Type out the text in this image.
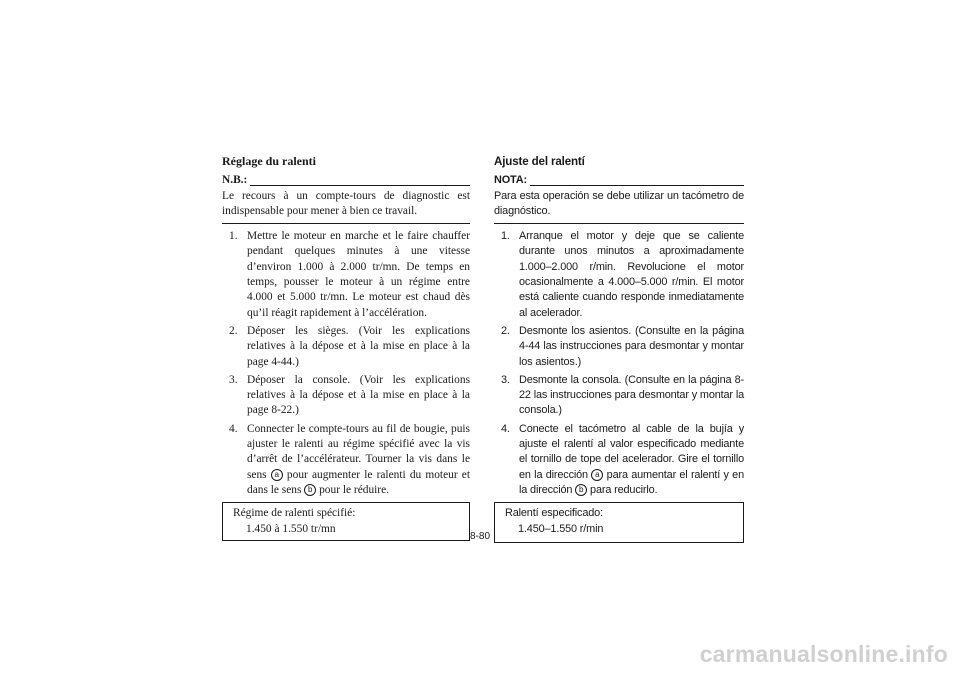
Réglage du ralenti
N.B.:
Le recours à un compte-tours de diagnostic est indispensable pour mener à bien ce travail.
1. Mettre le moteur en marche et le faire chauffer pendant quelques minutes à une vitesse d’environ 1.000 à 2.000 tr/mn. De temps en temps, pousser le moteur à un régime entre 4.000 et 5.000 tr/mn. Le moteur est chaud dès qu’il réagit rapidement à l’accélération.
2. Déposer les sièges. (Voir les explications relatives à la dépose et à la mise en place à la page 4-44.)
3. Déposer la console. (Voir les explications relatives à la dépose et à la mise en place à la page 8-22.)
4. Connecter le compte-tours au fil de bougie, puis ajuster le ralenti au régime spécifié avec la vis d’arrêt de l’accélérateur. Tourner la vis dans le sens a pour augmenter le ralenti du moteur et dans le sens b pour le réduire.
Régime de ralenti spécifié:
1.450 à 1.550 tr/mn
Ajuste del ralentí
NOTA:
Para esta operación se debe utilizar un tacómetro de diagnóstico.
1. Arranque el motor y deje que se caliente durante unos minutos a aproximadamente 1.000–2.000 r/min. Revolucione el motor ocasionalmente a 4.000–5.000 r/min. El motor está caliente cuando responde inmediatamente al acelerador.
2. Desmonte los asientos. (Consulte en la página 4-44 las instrucciones para desmontar y montar los asientos.)
3. Desmonte la consola. (Consulte en la página 8-22 las instrucciones para desmontar y montar la consola.)
4. Conecte el tacómetro al cable de la bujía y ajuste el ralentí al valor especificado mediante el tornillo de tope del acelerador. Gire el tornillo en la dirección a para aumentar el ralentí y en la dirección b para reducirlo.
Ralentí especificado:
1.450–1.550 r/min
8-80
carmanualsonline.info
